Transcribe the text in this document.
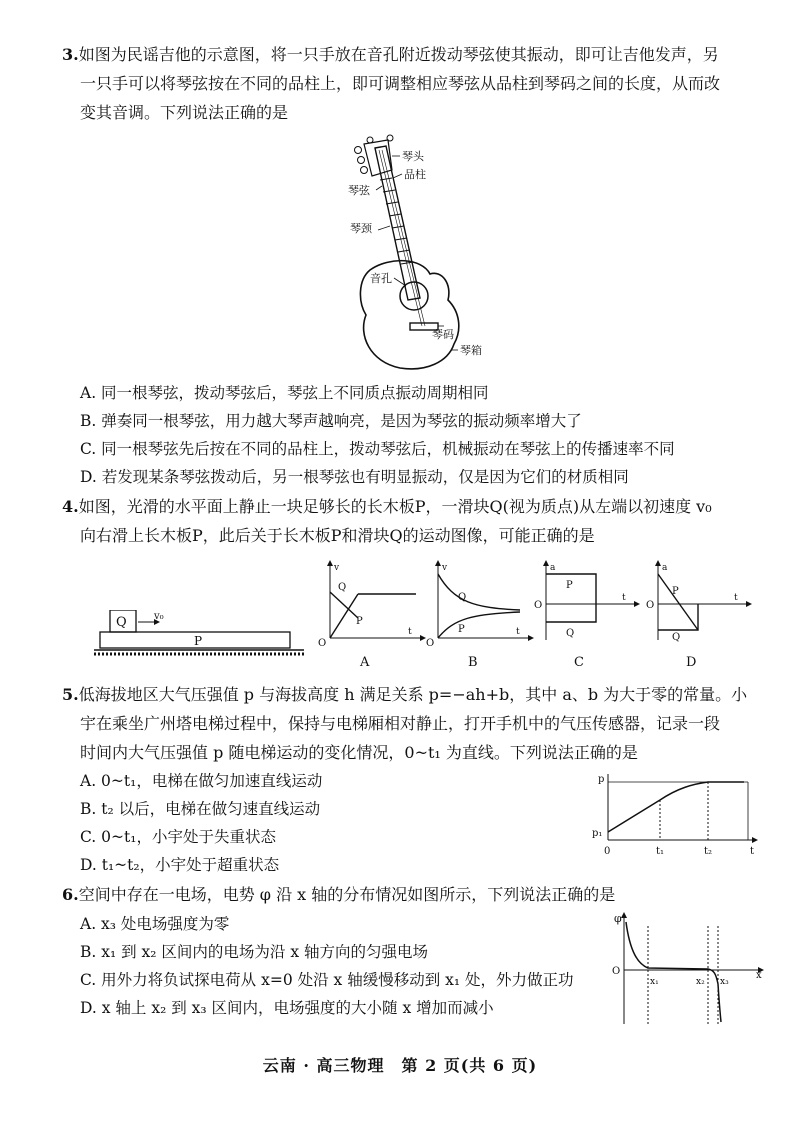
3.如图为民谣吉他的示意图，将一只手放在音孔附近拨动琴弦使其振动，即可让吉他发声，另
一只手可以将琴弦按在不同的品柱上，即可调整相应琴弦从品柱到琴码之间的长度，从而改
变其音调。下列说法正确的是
琴头
品柱
琴弦
琴颈
音孔
琴码
琴箱
A. 同一根琴弦，拨动琴弦后，琴弦上不同质点振动周期相同
B. 弹奏同一根琴弦，用力越大琴声越响亮，是因为琴弦的振动频率增大了
C. 同一根琴弦先后按在不同的品柱上，拨动琴弦后，机械振动在琴弦上的传播速率不同
D. 若发现某条琴弦拨动后，另一根琴弦也有明显振动，仅是因为它们的材质相同
4.如图，光滑的水平面上静止一块足够长的长木板P，一滑块Q(视为质点)从左端以初速度 v₀
向右滑上长木板P，此后关于长木板P和滑块Q的运动图像，可能正确的是
Q	v₀
P
v
t
O
Q
P
A
v
t
O
Q
P
B
a
t
O
P
Q
C
a
t
O
P
Q
D
5.低海拔地区大气压强值 p 与海拔高度 h 满足关系 p=−ah+b，其中 a、b 为大于零的常量。小
宇在乘坐广州塔电梯过程中，保持与电梯厢相对静止，打开手机中的气压传感器，记录一段
时间内大气压强值 p 随电梯运动的变化情况，0~t₁ 为直线。下列说法正确的是
A. 0~t₁，电梯在做匀加速直线运动
B. t₂ 以后，电梯在做匀速直线运动
C. 0~t₁，小宇处于失重状态
D. t₁~t₂，小宇处于超重状态
p
p₁
0	t₁	t₂	t
6.空间中存在一电场，电势 φ 沿 x 轴的分布情况如图所示，下列说法正确的是
A. x₃ 处电场强度为零
B. x₁ 到 x₂ 区间内的电场为沿 x 轴方向的匀强电场
C. 用外力将负试探电荷从 x=0 处沿 x 轴缓慢移动到 x₁ 处，外力做正功
D. x 轴上 x₂ 到 x₃ 区间内，电场强度的大小随 x 增加而减小
φ
O	x
x₁	x₂ x₃
云南 · 高三物理　第 2 页(共 6 页)
